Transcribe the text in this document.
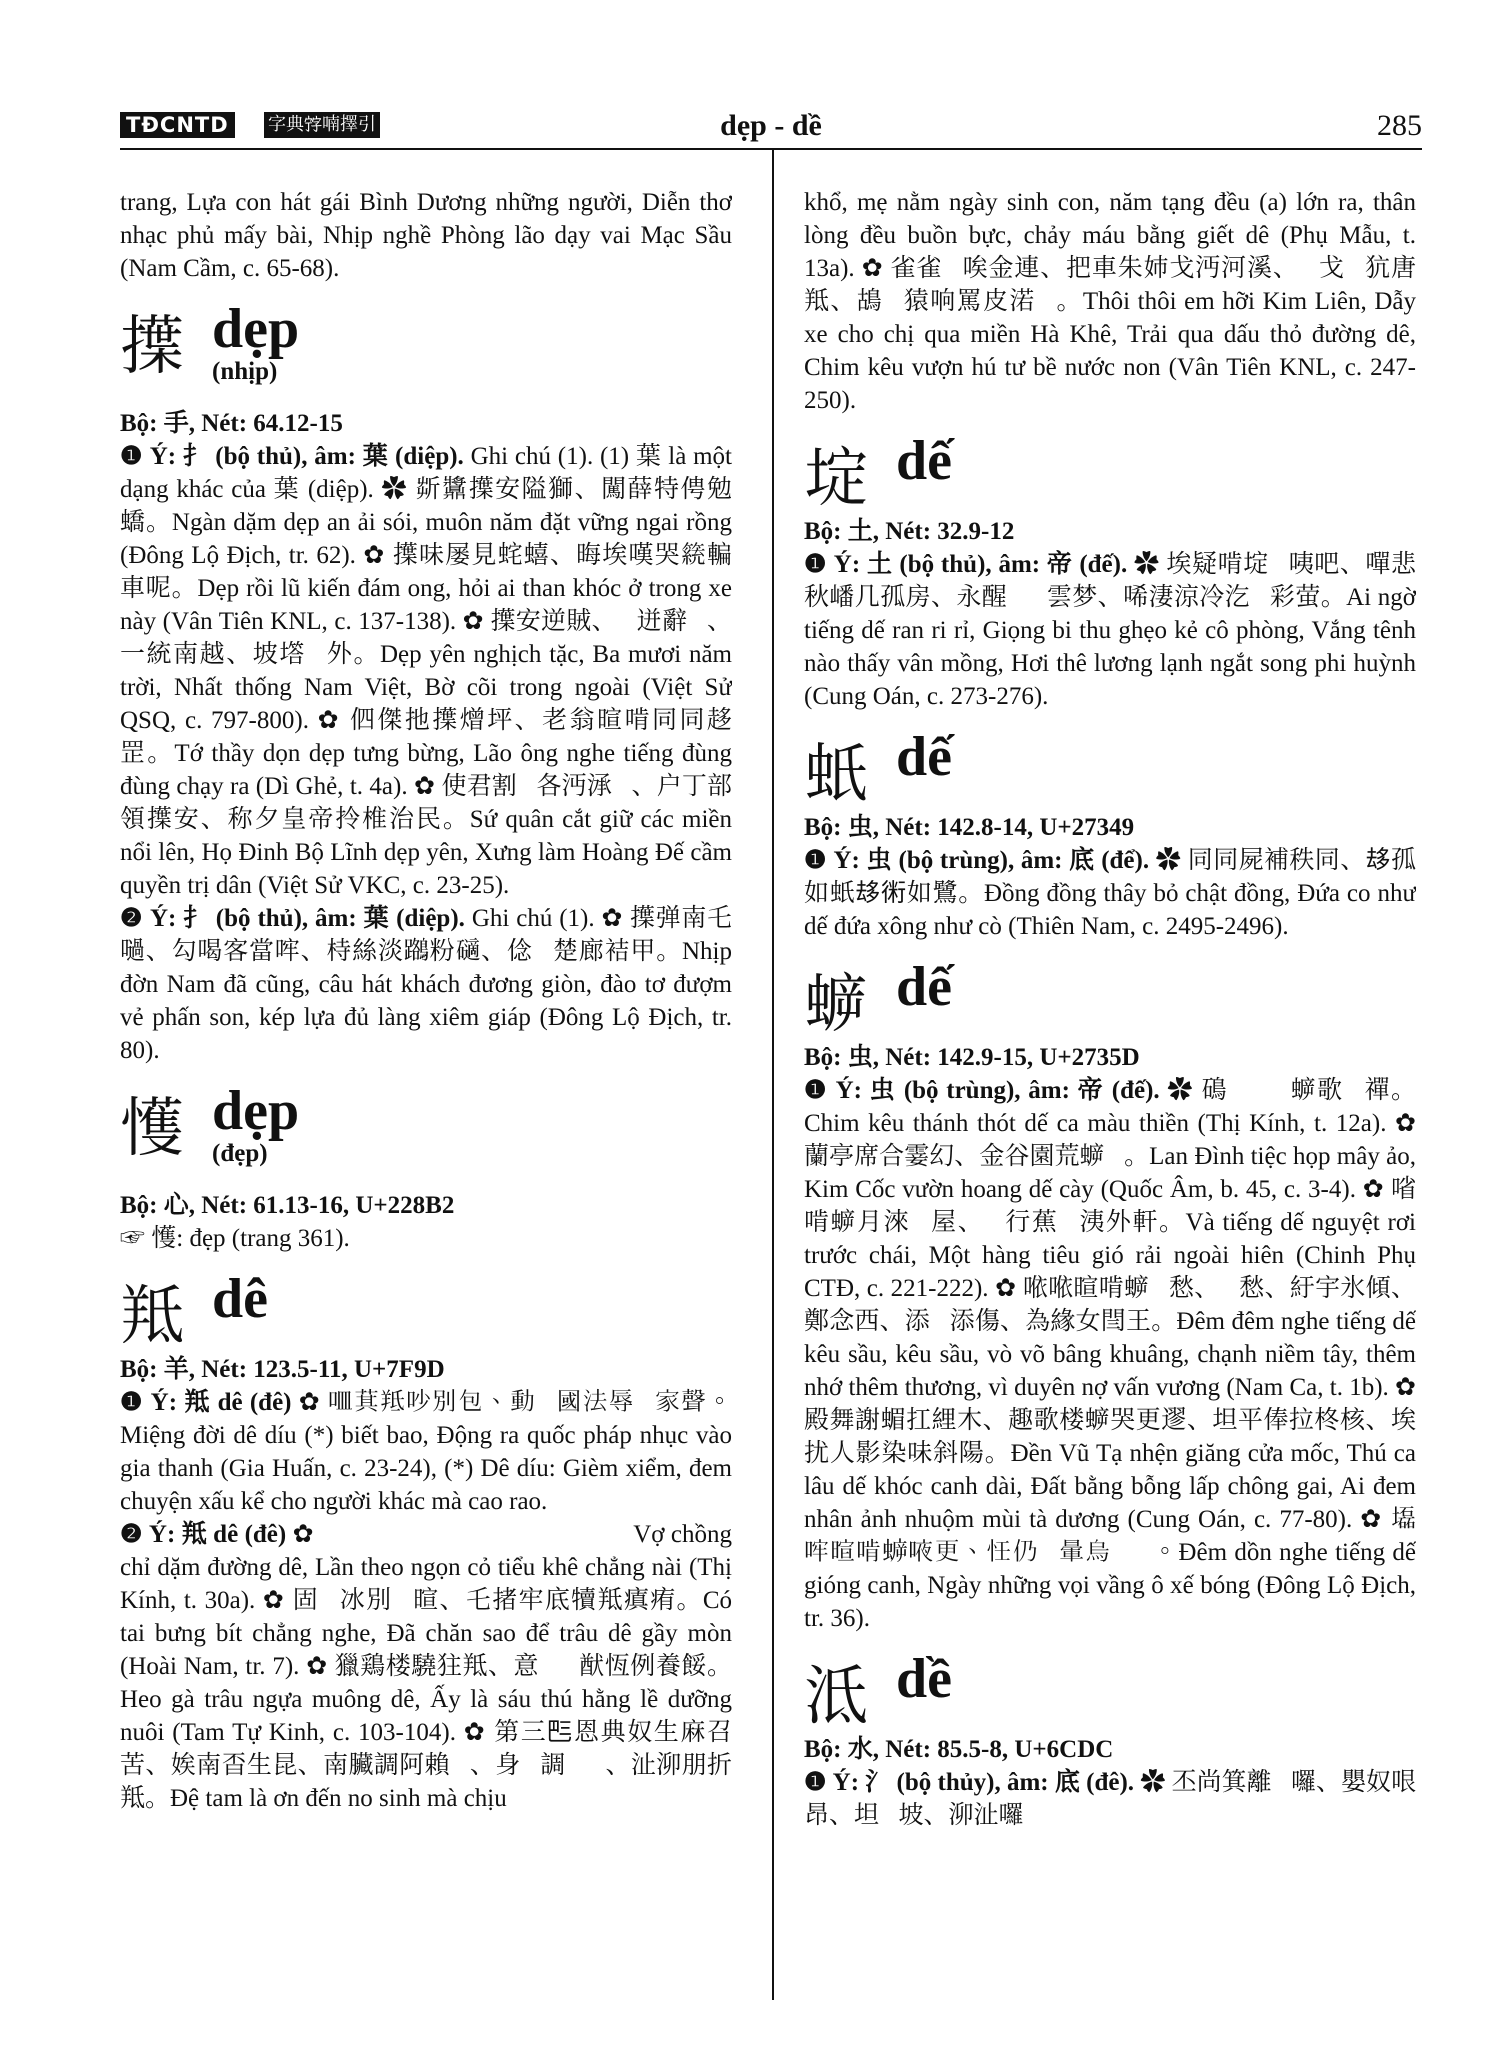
TĐCNTD	字典𡨸喃擇引	dẹp - dề	285

trang, Lựa con hát gái Bình Dương những người, Diễn thơ nhạc phủ mấy bài, Nhịp nghề Phòng lão dạy vai Mạc Sầu (Nam Cầm, c. 65-68).

擛 dẹp
(nhịp)

Bộ: 手, Nét: 64.12-15

❶ Ý: 扌 (bộ thủ), âm: 葉 (diệp). Ghi chú (1). (1) 葉 là một dạng khác của 葉 (diệp). ✿ 㪿䵼擛安隘獅、闖薛特俜勉蟜。Ngàn dặm dẹp an ải sói, muôn năm đặt vững ngai rồng (Đông Lộ Địch, tr. 62). ✿ 擛味屡見䖳蟢、晦埃嘆哭𥴗䡢車呢。Dẹp rồi lũ kiến đám ong, hỏi ai than khóc ở trong xe này (Vân Tiên KNL, c. 137-138). ✿ 擛安逆賊、𢀲迸辭𡗶、一統南越、坡㙮𨎠外。Dẹp yên nghịch tặc, Ba mươi năm trời, Nhất thống Nam Việt, Bờ cõi trong ngoài (Việt Sử QSQ, c. 797-800). ✿ 伵傑扡擛熷坪、老翁暄啃同同趍罡。Tớ thầy dọn dẹp tưng bừng, Lão ông nghe tiếng đùng đùng chạy ra (Dì Ghẻ, t. 4a). ✿ 使君割𡨹各沔㴍𡉦、户丁部領擛安、称夕皇帝拎椎治民。Sứ quân cắt giữ các miền nổi lên, Họ Đinh Bộ Lĩnh dẹp yên, Xưng làm Hoàng Đế cầm quyền trị dân (Việt Sử VKC, c. 23-25).

❷ Ý: 扌 (bộ thủ), âm: 葉 (diệp). Ghi chú (1). ✿ 擛弹南乇㗻、勾喝客當哰、㭙絲淡𪆽粉𥖾、㑫𢭾楚廊袺甲。Nhịp đờn Nam đã cũng, câu hát khách đương giòn, đào tơ đượm vẻ phấn son, kép lựa đủ làng xiêm giáp (Đông Lộ Địch, tr. 80).

㦜 dẹp
(đẹp)

Bộ: 心, Nét: 61.13-16, U+228B2

☞ 㦜: đẹp (trang 361).

羝 dê

Bộ: 羊, Nét: 123.5-11, U+7F9D

❶ Ý: 羝 dê (đê) ✿ 𠰘萁羝吵別包、動𠡚國法辱𠨡家聲。Miệng đời dê díu (*) biết bao, Động ra quốc pháp nhục vào gia thanh (Gia Huấn, c. 23-24), (*) Dê díu: Gièm xiểm, đem chuyện xấu kể cho người khác mà cao rao.

❷ Ý: 羝 dê (đê) ✿ 𡞕𡖡指𢀨唐羝、吝𨅸蔬䩉小溪庄奈。Vợ chồng chỉ dặm đường dê, Lần theo ngọn cỏ tiểu khê chẳng nài (Thị Kính, t. 30a). ✿ 固𦖻冰別𢬣暄、乇㨋牢底犢羝瘨痏。Có tai bưng bít chẳng nghe, Đã chăn sao để trâu dê gầy mòn (Hoài Nam, tr. 7). ✿ 獵鶏楼驍㹥羝、意𤴬𢷀猷恆例養餒。Heo gà trâu ngựa muông dê, Ấy là sáu thú hằng lề dưỡng nuôi (Tam Tự Kinh, c. 103-104). ✿ 第三𠀧恩典奴生麻召苦、娭南㫘生昆、南臟調阿賴𨖅、身𡗶調𨆢𨁍、沚泖朋折羝。Đệ tam là ơn đến no sinh mà chịu

khổ, mẹ nằm ngày sinh con, năm tạng đều (a) lớn ra, thân lòng đều buồn bực, chảy máu bằng giết dê (Phụ Mẫu, t. 13a). ✿ 雀雀𡛔唉金連、把車朱姉戈沔河溪、𥑂戈𨀈犺唐羝、鴣𠯇猿响罵皮渃𡳶。Thôi thôi em hỡi Kim Liên, Dẫy xe cho chị qua miền Hà Khê, Trải qua dấu thỏ đường dê, Chim kêu vượn hú tư bề nước non (Vân Tiên KNL, c. 247-250).

埞 dế

Bộ: 土, Nét: 32.9-12

❶ Ý: 土 (bộ thủ), âm: 帝 (đế). ✿ 埃疑啃埞𠻀咦吧、嘽悲秋嶓几孤房、永醒𠀲𧼸雲梦、唏淒涼冷汔𥨧彩萤。Ai ngờ tiếng dế ran ri rỉ, Giọng bi thu ghẹo kẻ cô phòng, Vắng tênh nào thấy vân mồng, Hơi thê lương lạnh ngắt song phi huỳnh (Cung Oán, c. 273-276).

蚔 dế

Bộ: 虫, Nét: 142.8-14, U+27349

❶ Ý: 虫 (bộ trùng), âm: 底 (để). ✿ 同同屍補秩同、𠫾孤如蚔𠫾𧗱如鷺。Đồng đồng thây bỏ chật đồng, Đứa co như dế đứa xông như cò (Thiên Nam, c. 2495-2496).

蝷 dế

Bộ: 虫, Nét: 142.9-15, U+2735D

❶ Ý: 虫 (bộ trùng), âm: 帝 (đế). ✿ 䲽𠯇𠸦𠾕蝷歌𦡟禪。Chim kêu thánh thót dế ca màu thiền (Thị Kính, t. 12a). ✿ 蘭亭席合霎幻、金谷園荒蝷𦓿。Lan Đình tiệc họp mây ảo, Kim Cốc vườn hoang dế cày (Quốc Âm, b. 45, c. 3-4). ✿ 㗂啃蝷月淶𨀈屋、𠬠行蕉𦝄洟外軒。Và tiếng dế nguyệt rơi trước chái, Một hàng tiêu gió rải ngoài hiên (Chinh Phụ CTĐ, c. 221-222). ✿ 𠵱𠵱暄啃蝷𪠞愁、𪠞愁、紆宇氷傾、鄭念西、添𢘾添傷、為緣女閆王。Đêm đêm nghe tiếng dế kêu sầu, kêu sầu, vò võ bâng khuâng, chạnh niềm tây, thêm nhớ thêm thương, vì duyên nợ vấn vương (Nam Ca, t. 1b). ✿ 殿舞謝蝞扛䋥木、趣歌楼蝷哭更䢧、坦平俸拉柊核、埃扰人影染味斜陽。Đền Vũ Tạ nhện giăng cửa mốc, Thú ca lâu dế khóc canh dài, Đất bằng bỗng lấp chông gai, Ai đem nhân ảnh nhuộm mùi tà dương (Cung Oán, c. 77-80). ✿ 𡓃哰暄啃蝷㖡更、𢗖仍𣋽暈烏𪸔𦟹。Đêm dồn nghe tiếng dế gióng canh, Ngày những vọi vầng ô xế bóng (Đông Lộ Địch, tr. 36).

泜 dề

Bộ: 水, Nét: 85.5-8, U+6CDC

❶ Ý: 氵 (bộ thủy), âm: 底 (đê). ✿ 丕尚箕離𦁂囉、嬰奴哏昂、坦𦁂坡、泖沚囉
